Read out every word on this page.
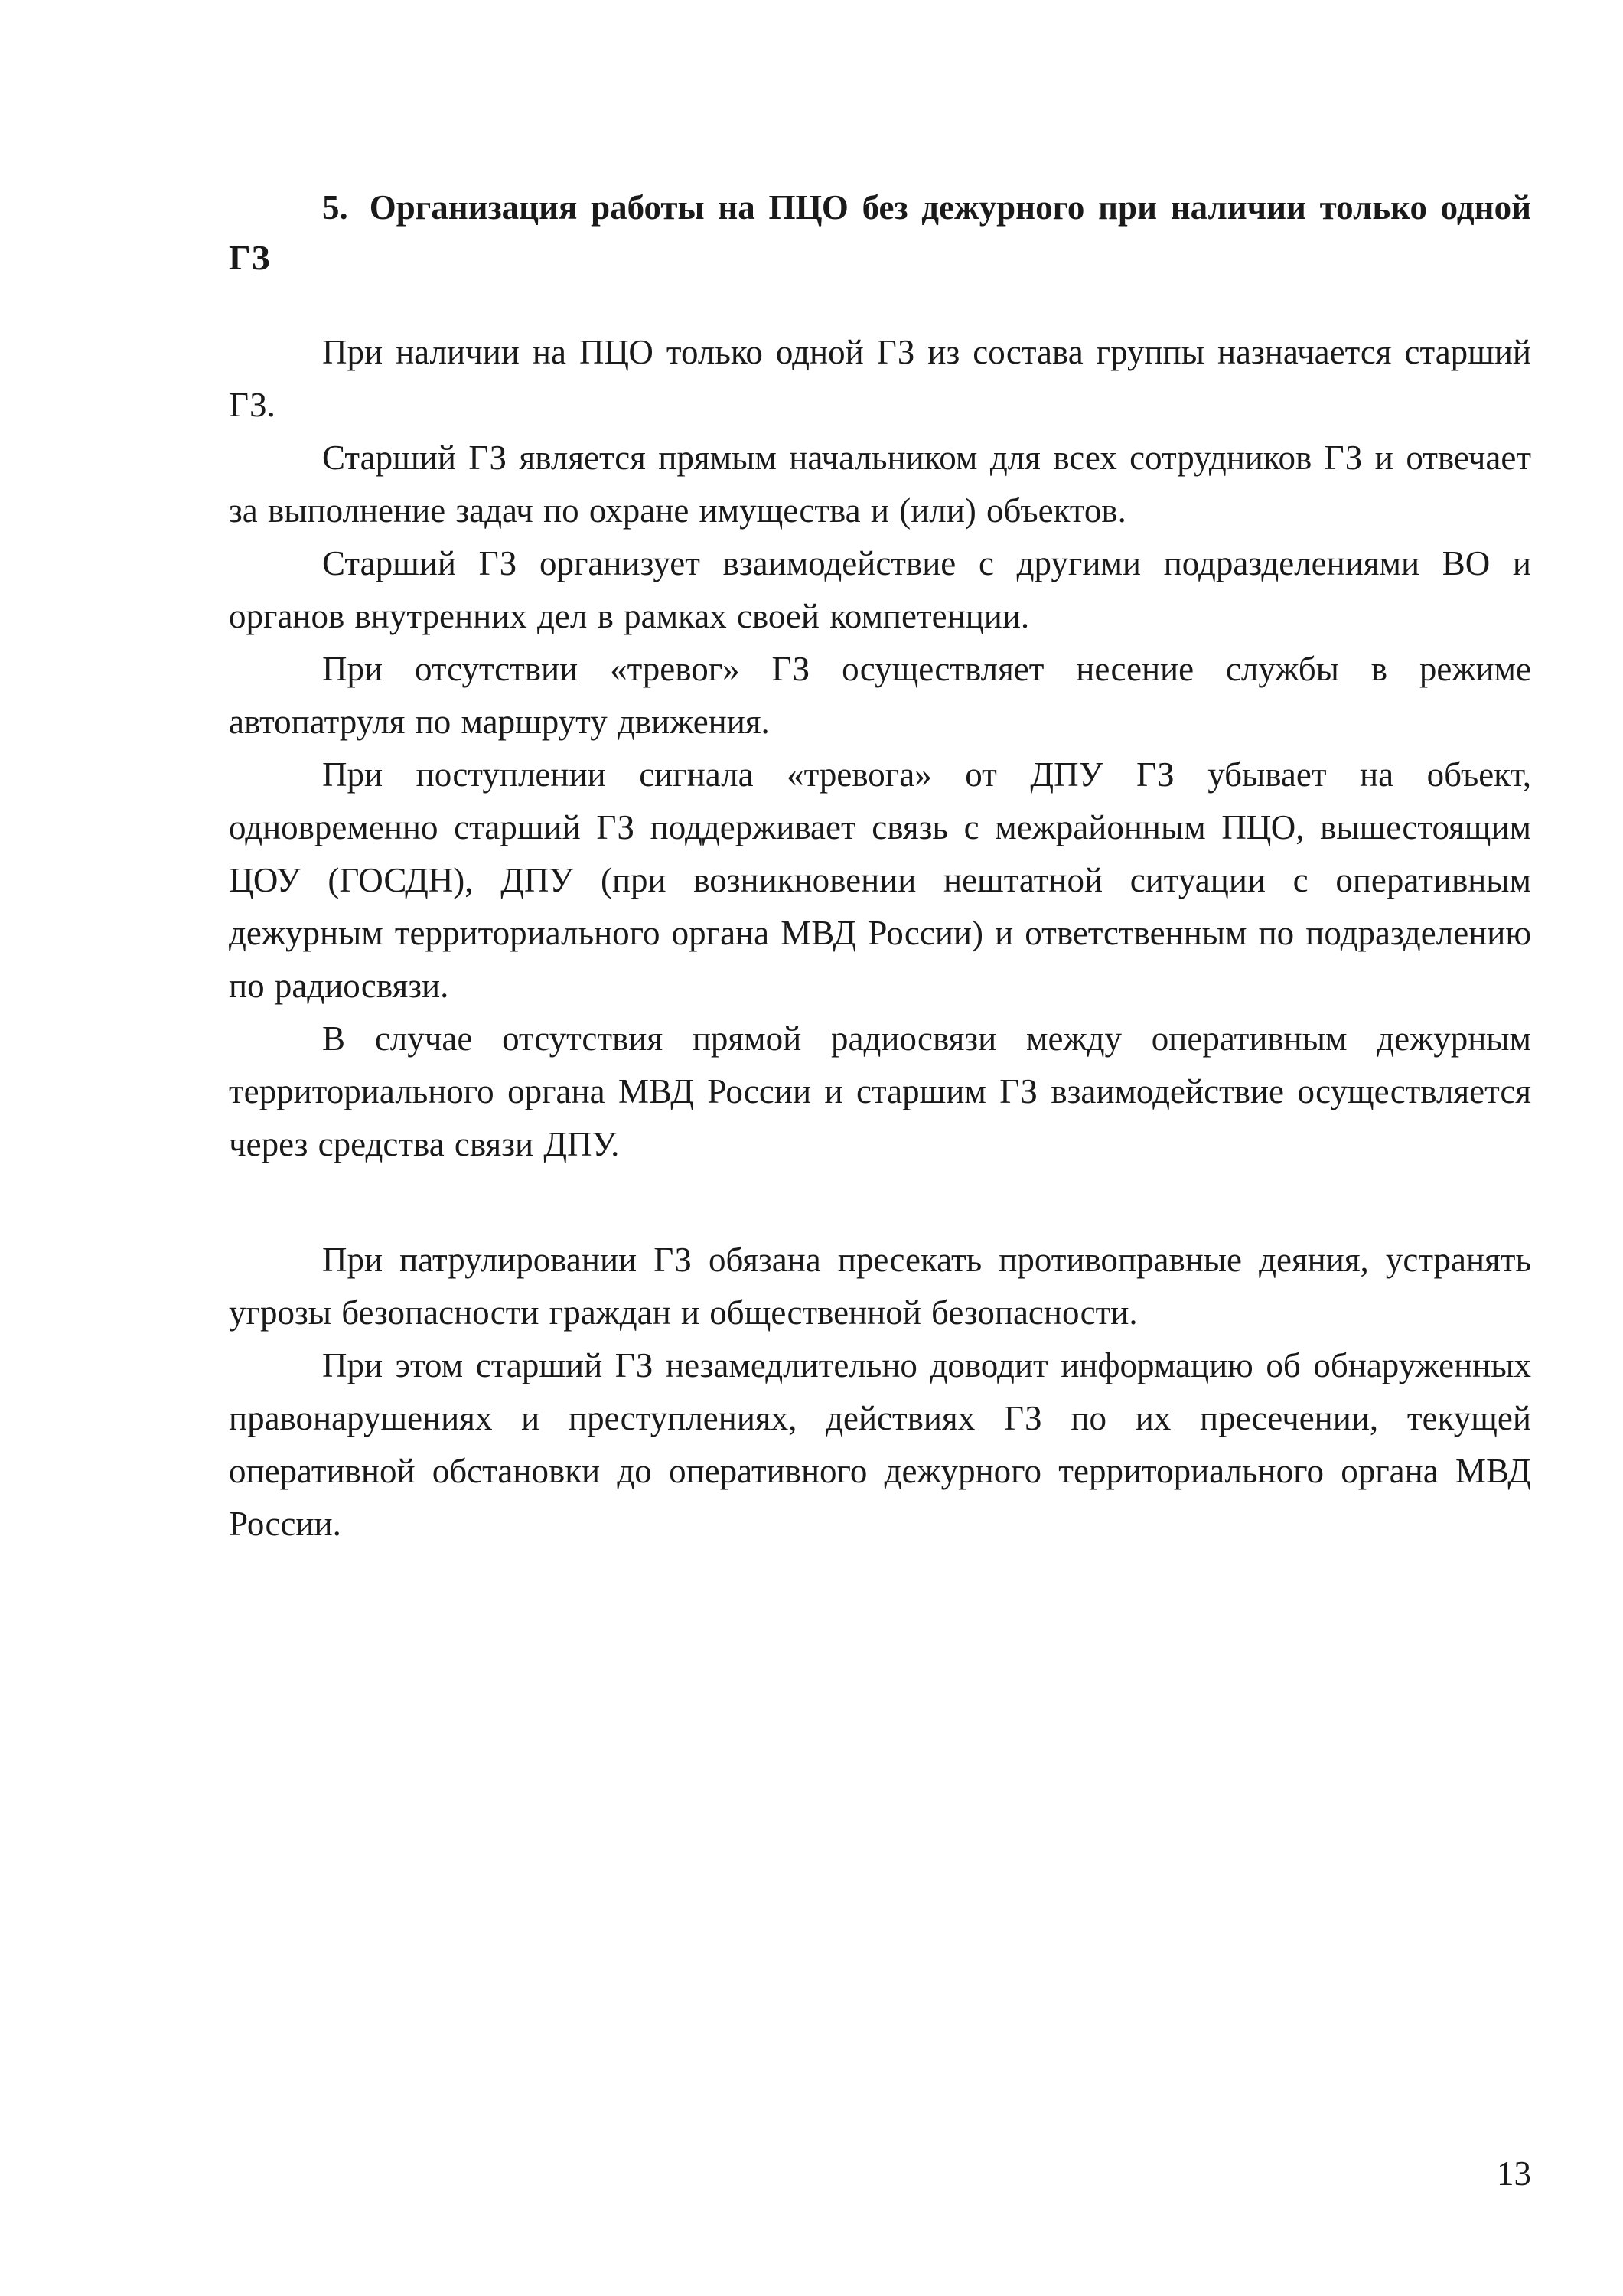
5. Организация работы на ПЦО без дежурного при наличии только одной ГЗ

При наличии на ПЦО только одной ГЗ из состава группы назначается старший ГЗ.

Старший ГЗ является прямым начальником для всех сотрудников ГЗ и отвечает за выполнение задач по охране имущества и (или) объектов.

Старший ГЗ организует взаимодействие с другими подразделениями ВО и органов внутренних дел в рамках своей компетенции.

При отсутствии «тревог» ГЗ осуществляет несение службы в режиме автопатруля по маршруту движения.

При поступлении сигнала «тревога» от ДПУ ГЗ убывает на объект, одновременно старший ГЗ поддерживает связь с межрайонным ПЦО, вышестоящим ЦОУ (ГОСДН), ДПУ (при возникновении нештатной ситуации с оперативным дежурным территориального органа МВД России) и ответственным по подразделению по радиосвязи.

В случае отсутствия прямой радиосвязи между оперативным дежурным территориального органа МВД России и старшим ГЗ взаимодействие осуществляется через средства связи ДПУ.

При патрулировании ГЗ обязана пресекать противоправные деяния, устранять угрозы безопасности граждан и общественной безопасности.

При этом старший ГЗ незамедлительно доводит информацию об обнаруженных правонарушениях и преступлениях, действиях ГЗ по их пресечении, текущей оперативной обстановки до оперативного дежурного территориального органа МВД России.

13
